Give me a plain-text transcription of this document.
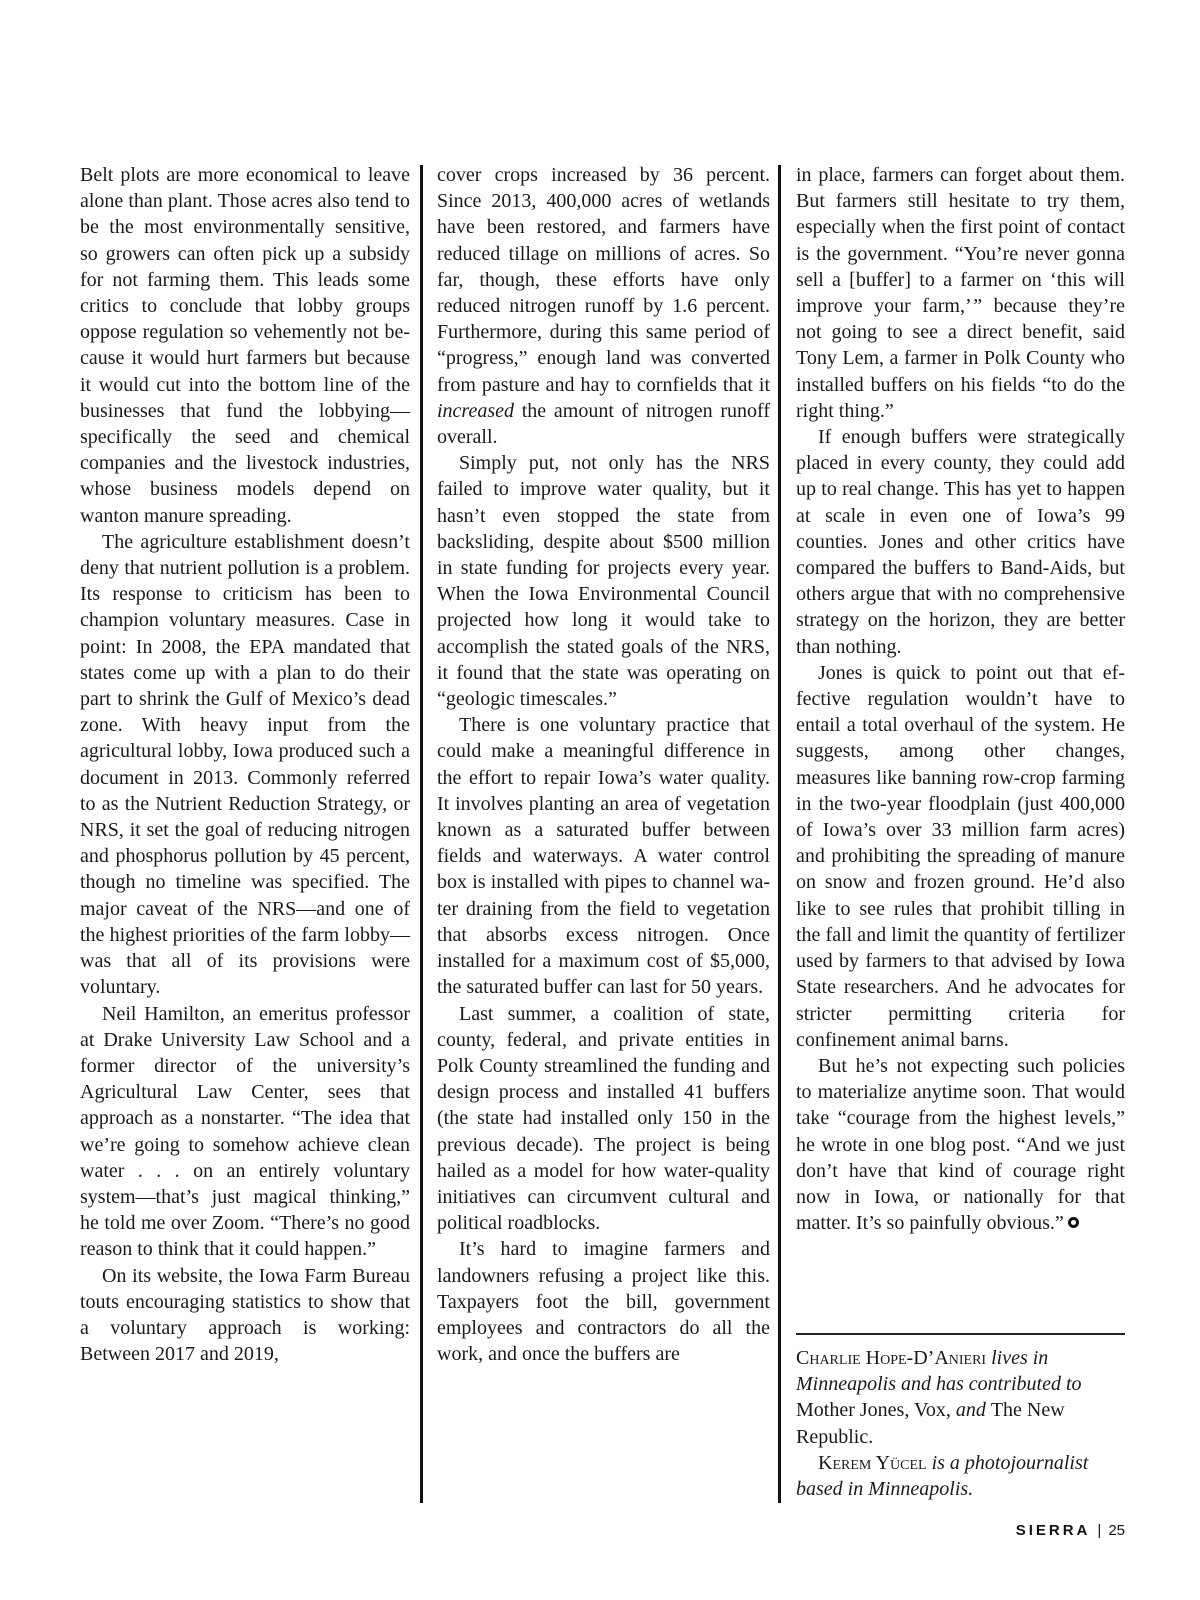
Belt plots are more economical to leave alone than plant. Those acres also tend to be the most environmentally sensitive, so growers can often pick up a subsidy for not farming them. This leads some critics to conclude that lobby groups oppose regulation so vehemently not because it would hurt farmers but because it would cut into the bottom line of the businesses that fund the lobbying—specifically the seed and chemical companies and the livestock industries, whose business models depend on wanton manure spreading.

The agriculture establishment doesn’t deny that nutrient pollution is a problem. Its response to criticism has been to champion voluntary measures. Case in point: In 2008, the EPA mandated that states come up with a plan to do their part to shrink the Gulf of Mexico’s dead zone. With heavy input from the agricultural lobby, Iowa produced such a document in 2013. Commonly referred to as the Nutrient Reduction Strategy, or NRS, it set the goal of reducing nitrogen and phosphorus pollution by 45 percent, though no timeline was specified. The major caveat of the NRS—and one of the highest priorities of the farm lobby—was that all of its provisions were voluntary.

Neil Hamilton, an emeritus professor at Drake University Law School and a former director of the university’s Agricultural Law Center, sees that approach as a nonstarter. “The idea that we’re going to somehow achieve clean water . . . on an entirely voluntary system—that’s just magical thinking,” he told me over Zoom. “There’s no good reason to think that it could happen.”

On its website, the Iowa Farm Bureau touts encouraging statistics to show that a voluntary approach is working: Between 2017 and 2019,

cover crops increased by 36 percent. Since 2013, 400,000 acres of wetlands have been restored, and farmers have reduced tillage on millions of acres. So far, though, these efforts have only reduced nitrogen runoff by 1.6 percent. Furthermore, during this same period of “progress,” enough land was converted from pasture and hay to cornfields that it increased the amount of nitrogen runoff overall.

Simply put, not only has the NRS failed to improve water quality, but it hasn’t even stopped the state from backsliding, despite about $500 million in state funding for projects every year. When the Iowa Environmental Council projected how long it would take to accomplish the stated goals of the NRS, it found that the state was operating on “geologic timescales.”

There is one voluntary practice that could make a meaningful difference in the effort to repair Iowa’s water quality. It involves planting an area of vegetation known as a saturated buffer between fields and waterways. A water control box is installed with pipes to channel water draining from the field to vegetation that absorbs excess nitrogen. Once installed for a maximum cost of $5,000, the saturated buffer can last for 50 years.

Last summer, a coalition of state, county, federal, and private entities in Polk County streamlined the funding and design process and installed 41 buffers (the state had installed only 150 in the previous decade). The project is being hailed as a model for how water-quality initiatives can circumvent cultural and political roadblocks.

It’s hard to imagine farmers and landowners refusing a project like this. Taxpayers foot the bill, government employees and contractors do all the work, and once the buffers are

in place, farmers can forget about them. But farmers still hesitate to try them, especially when the first point of contact is the government. “You’re never gonna sell a [buffer] to a farmer on ‘this will improve your farm,’ ” because they’re not going to see a direct benefit, said Tony Lem, a farmer in Polk County who installed buffers on his fields “to do the right thing.”

If enough buffers were strategically placed in every county, they could add up to real change. This has yet to happen at scale in even one of Iowa’s 99 counties. Jones and other critics have compared the buffers to Band-Aids, but others argue that with no comprehensive strategy on the horizon, they are better than nothing.

Jones is quick to point out that effective regulation wouldn’t have to entail a total overhaul of the system. He suggests, among other changes, measures like banning row-crop farming in the two-year floodplain (just 400,000 of Iowa’s over 33 million farm acres) and prohibiting the spreading of manure on snow and frozen ground. He’d also like to see rules that prohibit tilling in the fall and limit the quantity of fertilizer used by farmers to that advised by Iowa State researchers. And he advocates for stricter permitting criteria for confinement animal barns.

But he’s not expecting such policies to materialize anytime soon. That would take “courage from the highest levels,” he wrote in one blog post. “And we just don’t have that kind of courage right now in Iowa, or nationally for that matter. It’s so painfully obvious.”

Charlie Hope-D’Anieri lives in Minneapolis and has contributed to Mother Jones, Vox, and The New Republic.

Kerem Yücel is a photojournalist based in Minneapolis.

SIERRA | 25
